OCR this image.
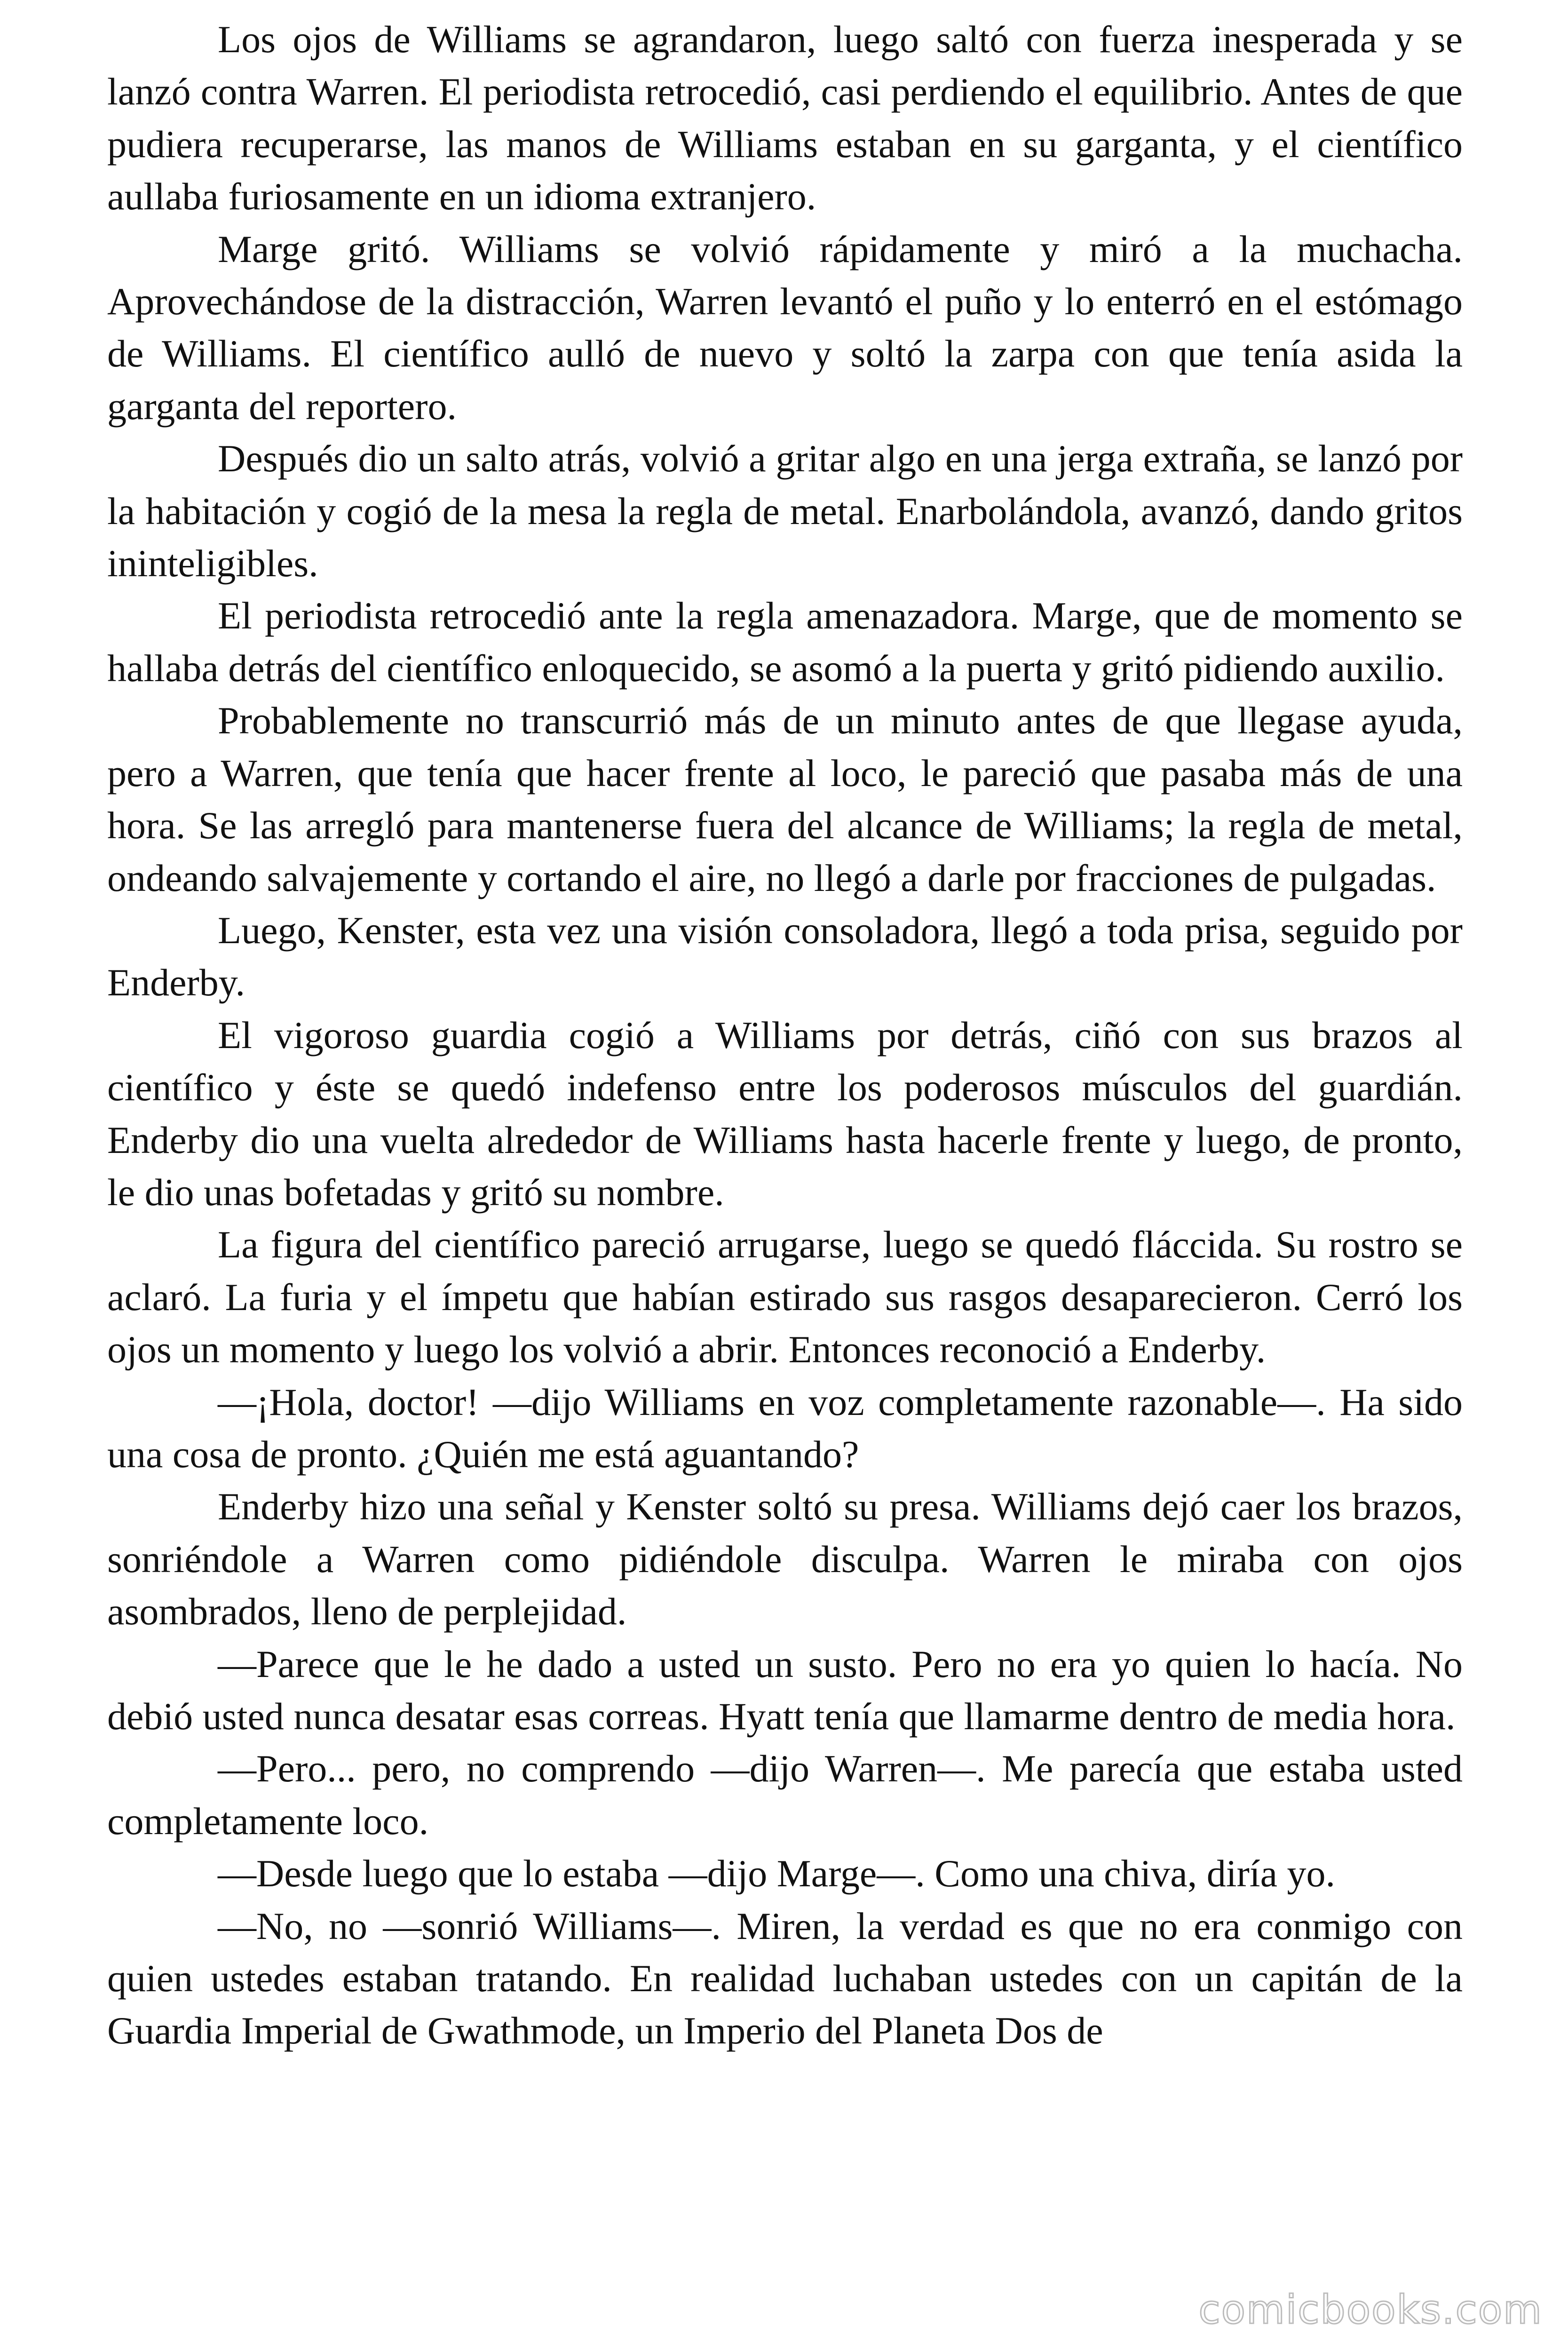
Los ojos de Williams se agrandaron, luego saltó con fuerza inesperada y se lanzó contra Warren. El periodista retrocedió, casi perdiendo el equilibrio. Antes de que pudiera recuperarse, las manos de Williams estaban en su garganta, y el científico aullaba furiosamente en un idioma extranjero.

Marge gritó. Williams se volvió rápidamente y miró a la muchacha. Aprovechándose de la distracción, Warren levantó el puño y lo enterró en el estómago de Williams. El científico aulló de nuevo y soltó la zarpa con que tenía asida la garganta del reportero.

Después dio un salto atrás, volvió a gritar algo en una jerga extraña, se lanzó por la habitación y cogió de la mesa la regla de metal. Enarbolándola, avanzó, dando gritos ininteligibles.

El periodista retrocedió ante la regla amenazadora. Marge, que de momento se hallaba detrás del científico enloquecido, se asomó a la puerta y gritó pidiendo auxilio.

Probablemente no transcurrió más de un minuto antes de que llegase ayuda, pero a Warren, que tenía que hacer frente al loco, le pareció que pasaba más de una hora. Se las arregló para mantenerse fuera del alcance de Williams; la regla de metal, ondeando salvajemente y cortando el aire, no llegó a darle por fracciones de pulgadas.

Luego, Kenster, esta vez una visión consoladora, llegó a toda prisa, seguido por Enderby.

El vigoroso guardia cogió a Williams por detrás, ciñó con sus brazos al científico y éste se quedó indefenso entre los poderosos músculos del guardián. Enderby dio una vuelta alrededor de Williams hasta hacerle frente y luego, de pronto, le dio unas bofetadas y gritó su nombre.

La figura del científico pareció arrugarse, luego se quedó fláccida. Su rostro se aclaró. La furia y el ímpetu que habían estirado sus rasgos desaparecieron. Cerró los ojos un momento y luego los volvió a abrir. Entonces reconoció a Enderby.

—¡Hola, doctor! —dijo Williams en voz completamente razonable—. Ha sido una cosa de pronto. ¿Quién me está aguantando?

Enderby hizo una señal y Kenster soltó su presa. Williams dejó caer los brazos, sonriéndole a Warren como pidiéndole disculpa. Warren le miraba con ojos asombrados, lleno de perplejidad.

—Parece que le he dado a usted un susto. Pero no era yo quien lo hacía. No debió usted nunca desatar esas correas. Hyatt tenía que llamarme dentro de media hora.

—Pero... pero, no comprendo —dijo Warren—. Me parecía que estaba usted completamente loco.

—Desde luego que lo estaba —dijo Marge—. Como una chiva, diría yo.

—No, no —sonrió Williams—. Miren, la verdad es que no era conmigo con quien ustedes estaban tratando. En realidad luchaban ustedes con un capitán de la Guardia Imperial de Gwathmode, un Imperio del Planeta Dos de

comicbooks.com
